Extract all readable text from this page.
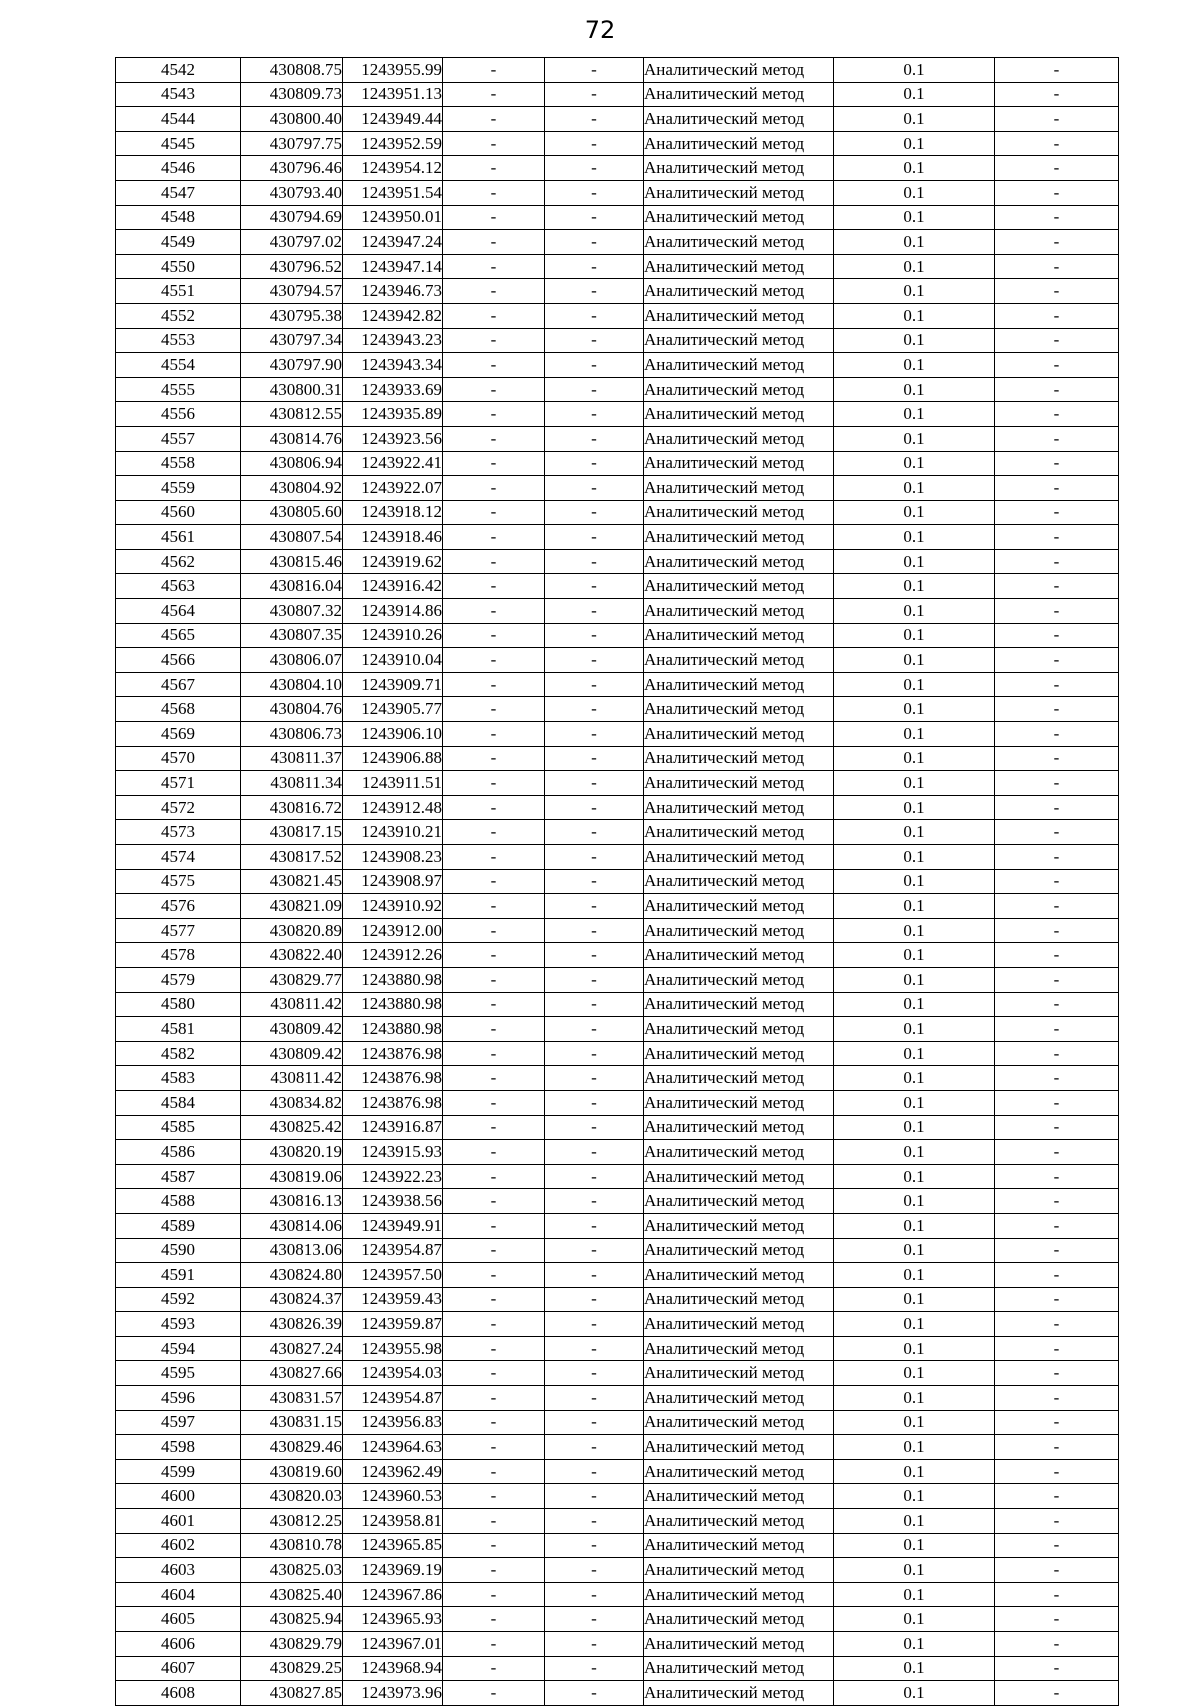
72
4542	430808.75	1243955.99	-	-	Аналитический метод	0.1	-
4543	430809.73	1243951.13	-	-	Аналитический метод	0.1	-
4544	430800.40	1243949.44	-	-	Аналитический метод	0.1	-
4545	430797.75	1243952.59	-	-	Аналитический метод	0.1	-
4546	430796.46	1243954.12	-	-	Аналитический метод	0.1	-
4547	430793.40	1243951.54	-	-	Аналитический метод	0.1	-
4548	430794.69	1243950.01	-	-	Аналитический метод	0.1	-
4549	430797.02	1243947.24	-	-	Аналитический метод	0.1	-
4550	430796.52	1243947.14	-	-	Аналитический метод	0.1	-
4551	430794.57	1243946.73	-	-	Аналитический метод	0.1	-
4552	430795.38	1243942.82	-	-	Аналитический метод	0.1	-
4553	430797.34	1243943.23	-	-	Аналитический метод	0.1	-
4554	430797.90	1243943.34	-	-	Аналитический метод	0.1	-
4555	430800.31	1243933.69	-	-	Аналитический метод	0.1	-
4556	430812.55	1243935.89	-	-	Аналитический метод	0.1	-
4557	430814.76	1243923.56	-	-	Аналитический метод	0.1	-
4558	430806.94	1243922.41	-	-	Аналитический метод	0.1	-
4559	430804.92	1243922.07	-	-	Аналитический метод	0.1	-
4560	430805.60	1243918.12	-	-	Аналитический метод	0.1	-
4561	430807.54	1243918.46	-	-	Аналитический метод	0.1	-
4562	430815.46	1243919.62	-	-	Аналитический метод	0.1	-
4563	430816.04	1243916.42	-	-	Аналитический метод	0.1	-
4564	430807.32	1243914.86	-	-	Аналитический метод	0.1	-
4565	430807.35	1243910.26	-	-	Аналитический метод	0.1	-
4566	430806.07	1243910.04	-	-	Аналитический метод	0.1	-
4567	430804.10	1243909.71	-	-	Аналитический метод	0.1	-
4568	430804.76	1243905.77	-	-	Аналитический метод	0.1	-
4569	430806.73	1243906.10	-	-	Аналитический метод	0.1	-
4570	430811.37	1243906.88	-	-	Аналитический метод	0.1	-
4571	430811.34	1243911.51	-	-	Аналитический метод	0.1	-
4572	430816.72	1243912.48	-	-	Аналитический метод	0.1	-
4573	430817.15	1243910.21	-	-	Аналитический метод	0.1	-
4574	430817.52	1243908.23	-	-	Аналитический метод	0.1	-
4575	430821.45	1243908.97	-	-	Аналитический метод	0.1	-
4576	430821.09	1243910.92	-	-	Аналитический метод	0.1	-
4577	430820.89	1243912.00	-	-	Аналитический метод	0.1	-
4578	430822.40	1243912.26	-	-	Аналитический метод	0.1	-
4579	430829.77	1243880.98	-	-	Аналитический метод	0.1	-
4580	430811.42	1243880.98	-	-	Аналитический метод	0.1	-
4581	430809.42	1243880.98	-	-	Аналитический метод	0.1	-
4582	430809.42	1243876.98	-	-	Аналитический метод	0.1	-
4583	430811.42	1243876.98	-	-	Аналитический метод	0.1	-
4584	430834.82	1243876.98	-	-	Аналитический метод	0.1	-
4585	430825.42	1243916.87	-	-	Аналитический метод	0.1	-
4586	430820.19	1243915.93	-	-	Аналитический метод	0.1	-
4587	430819.06	1243922.23	-	-	Аналитический метод	0.1	-
4588	430816.13	1243938.56	-	-	Аналитический метод	0.1	-
4589	430814.06	1243949.91	-	-	Аналитический метод	0.1	-
4590	430813.06	1243954.87	-	-	Аналитический метод	0.1	-
4591	430824.80	1243957.50	-	-	Аналитический метод	0.1	-
4592	430824.37	1243959.43	-	-	Аналитический метод	0.1	-
4593	430826.39	1243959.87	-	-	Аналитический метод	0.1	-
4594	430827.24	1243955.98	-	-	Аналитический метод	0.1	-
4595	430827.66	1243954.03	-	-	Аналитический метод	0.1	-
4596	430831.57	1243954.87	-	-	Аналитический метод	0.1	-
4597	430831.15	1243956.83	-	-	Аналитический метод	0.1	-
4598	430829.46	1243964.63	-	-	Аналитический метод	0.1	-
4599	430819.60	1243962.49	-	-	Аналитический метод	0.1	-
4600	430820.03	1243960.53	-	-	Аналитический метод	0.1	-
4601	430812.25	1243958.81	-	-	Аналитический метод	0.1	-
4602	430810.78	1243965.85	-	-	Аналитический метод	0.1	-
4603	430825.03	1243969.19	-	-	Аналитический метод	0.1	-
4604	430825.40	1243967.86	-	-	Аналитический метод	0.1	-
4605	430825.94	1243965.93	-	-	Аналитический метод	0.1	-
4606	430829.79	1243967.01	-	-	Аналитический метод	0.1	-
4607	430829.25	1243968.94	-	-	Аналитический метод	0.1	-
4608	430827.85	1243973.96	-	-	Аналитический метод	0.1	-
